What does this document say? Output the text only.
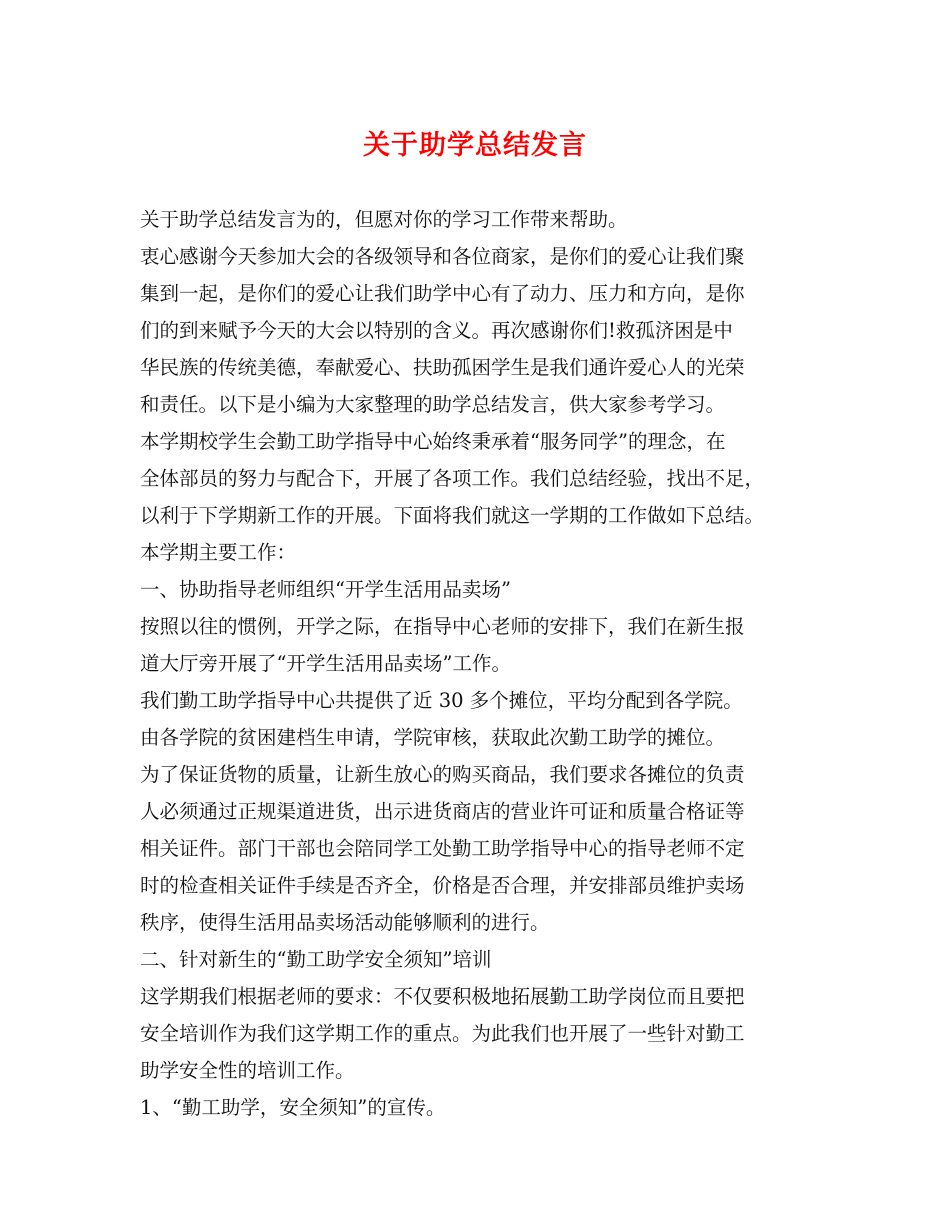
关于助学总结发言
关于助学总结发言为的，但愿对你的学习工作带来帮助。
衷心感谢今天参加大会的各级领导和各位商家，是你们的爱心让我们聚
集到一起，是你们的爱心让我们助学中心有了动力、压力和方向，是你
们的到来赋予今天的大会以特别的含义。再次感谢你们!救孤济困是中
华民族的传统美德，奉献爱心、扶助孤困学生是我们通许爱心人的光荣
和责任。以下是小编为大家整理的助学总结发言，供大家参考学习。
本学期校学生会勤工助学指导中心始终秉承着“服务同学”的理念，在
全体部员的努力与配合下，开展了各项工作。我们总结经验，找出不足，
以利于下学期新工作的开展。下面将我们就这一学期的工作做如下总结。
本学期主要工作：
一、协助指导老师组织“开学生活用品卖场”
按照以往的惯例，开学之际，在指导中心老师的安排下，我们在新生报
道大厅旁开展了“开学生活用品卖场”工作。
我们勤工助学指导中心共提供了近 30 多个摊位，平均分配到各学院。
由各学院的贫困建档生申请，学院审核，获取此次勤工助学的摊位。
为了保证货物的质量，让新生放心的购买商品，我们要求各摊位的负责
人必须通过正规渠道进货，出示进货商店的营业许可证和质量合格证等
相关证件。部门干部也会陪同学工处勤工助学指导中心的指导老师不定
时的检查相关证件手续是否齐全，价格是否合理，并安排部员维护卖场
秩序，使得生活用品卖场活动能够顺利的进行。
二、针对新生的“勤工助学安全须知”培训
这学期我们根据老师的要求：不仅要积极地拓展勤工助学岗位而且要把
安全培训作为我们这学期工作的重点。为此我们也开展了一些针对勤工
助学安全性的培训工作。
1、“勤工助学，安全须知”的宣传。
